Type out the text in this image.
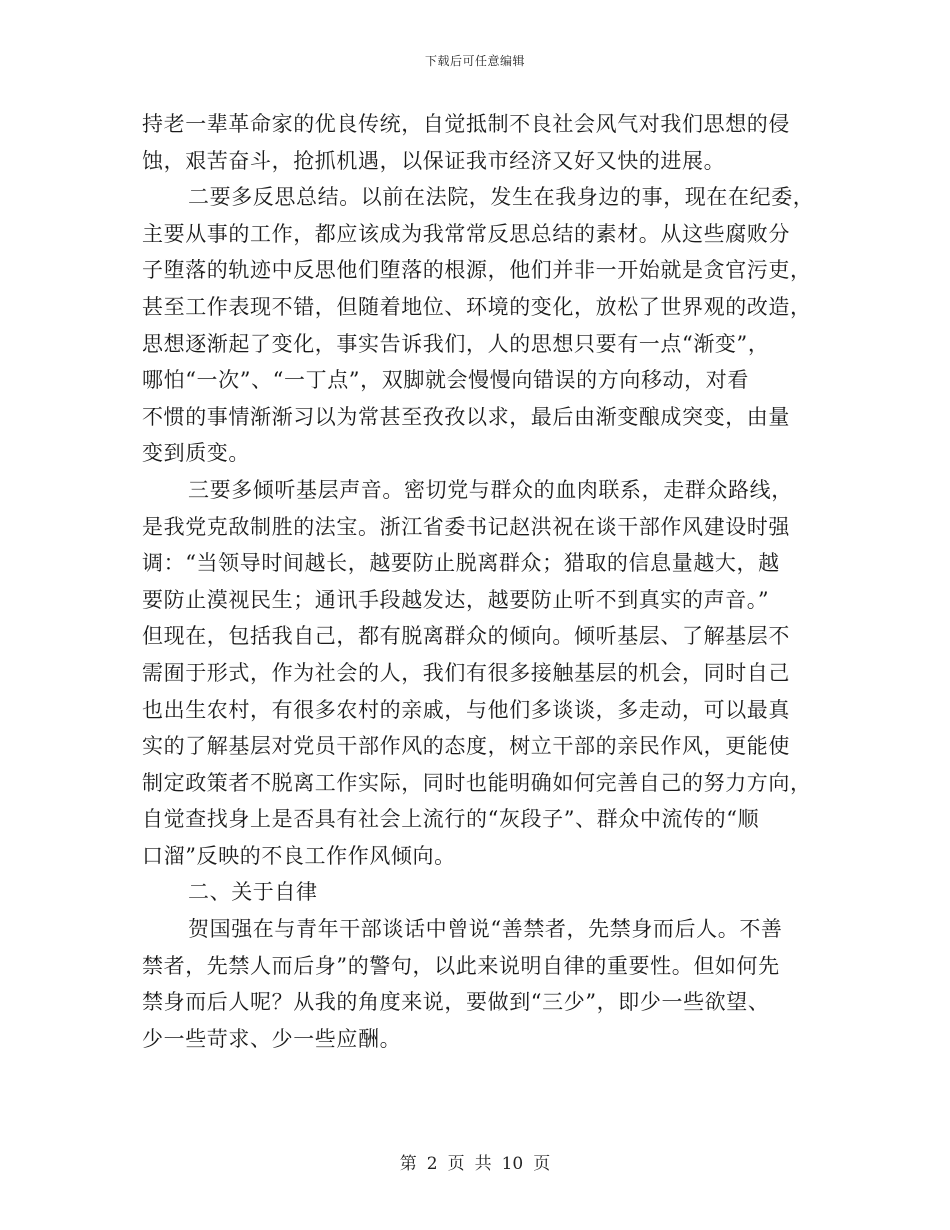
下载后可任意编辑
持老一辈革命家的优良传统，自觉抵制不良社会风气对我们思想的侵
蚀，艰苦奋斗，抢抓机遇，以保证我市经济又好又快的进展。
二要多反思总结。以前在法院，发生在我身边的事，现在在纪委，
主要从事的工作，都应该成为我常常反思总结的素材。从这些腐败分
子堕落的轨迹中反思他们堕落的根源，他们并非一开始就是贪官污吏，
甚至工作表现不错，但随着地位、环境的变化，放松了世界观的改造，
思想逐渐起了变化，事实告诉我们，人的思想只要有一点“渐变”，
哪怕“一次”、“一丁点”，双脚就会慢慢向错误的方向移动，对看
不惯的事情渐渐习以为常甚至孜孜以求，最后由渐变酿成突变，由量
变到质变。
三要多倾听基层声音。密切党与群众的血肉联系，走群众路线，
是我党克敌制胜的法宝。浙江省委书记赵洪祝在谈干部作风建设时强
调：“当领导时间越长，越要防止脱离群众；猎取的信息量越大，越
要防止漠视民生；通讯手段越发达，越要防止听不到真实的声音。”
但现在，包括我自己，都有脱离群众的倾向。倾听基层、了解基层不
需囿于形式，作为社会的人，我们有很多接触基层的机会，同时自己
也出生农村，有很多农村的亲戚，与他们多谈谈，多走动，可以最真
实的了解基层对党员干部作风的态度，树立干部的亲民作风，更能使
制定政策者不脱离工作实际，同时也能明确如何完善自己的努力方向，
自觉查找身上是否具有社会上流行的“灰段子”、群众中流传的“顺
口溜”反映的不良工作作风倾向。
二、关于自律
贺国强在与青年干部谈话中曾说“善禁者，先禁身而后人。不善
禁者，先禁人而后身”的警句，以此来说明自律的重要性。但如何先
禁身而后人呢？从我的角度来说，要做到“三少”，即少一些欲望、
少一些苛求、少一些应酬。
第 2 页 共 10 页
